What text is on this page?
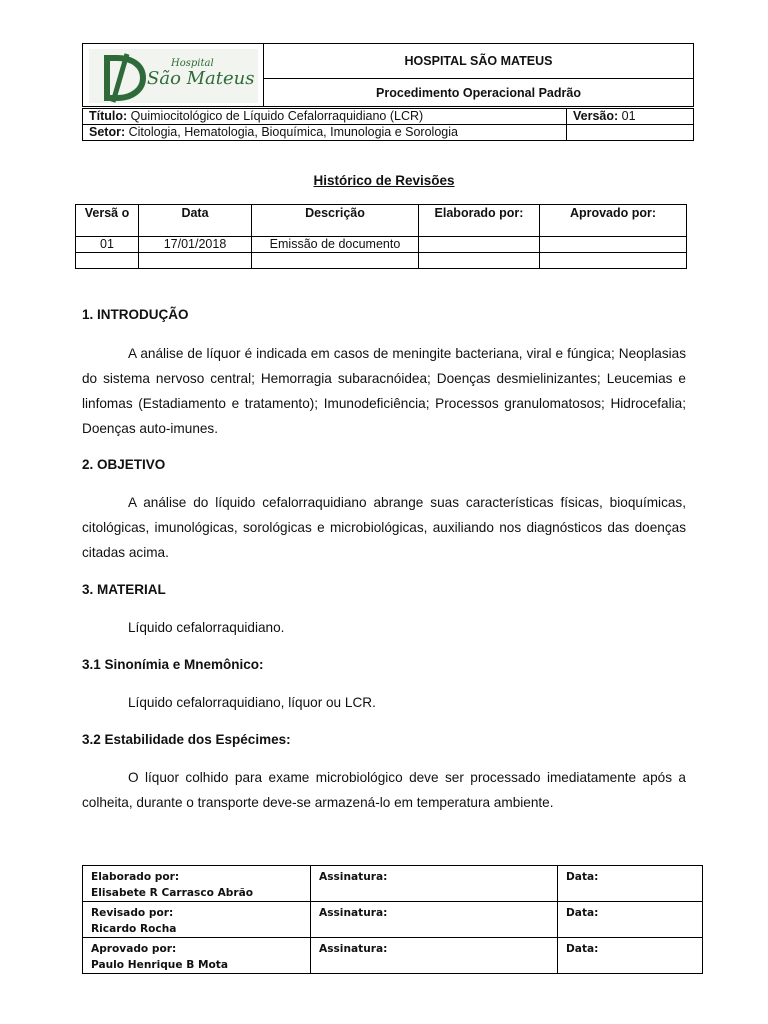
Hospital
São Mateus
	HOSPITAL SÃO MATEUS
Procedimento Operacional Padrão
Título: Quimiocitológico de Líquido Cefalorraquidiano (LCR)	Versão: 01
Setor: Citologia, Hematologia, Bioquímica, Imunologia e Sorologia	
Histórico de Revisões
Versã o	Data	Descrição	Elaborado por:	Aprovado por:
01	17/01/2018	Emissão de documento		

1. INTRODUÇÃO
A análise de líquor é indicada em casos de meningite bacteriana, viral e fúngica; Neoplasias do sistema nervoso central; Hemorragia subaracnóidea; Doenças desmielinizantes; Leucemias e linfomas (Estadiamento e tratamento); Imunodeficiência; Processos granulomatosos; Hidrocefalia; Doenças auto-imunes.
2. OBJETIVO
A análise do líquido cefalorraquidiano abrange suas características físicas, bioquímicas, citológicas, imunológicas, sorológicas e microbiológicas, auxiliando nos diagnósticos das doenças citadas acima.
3. MATERIAL
Líquido cefalorraquidiano.
3.1 Sinonímia e Mnemônico:
Líquido cefalorraquidiano, líquor ou LCR.
3.2 Estabilidade dos Espécimes:
O líquor colhido para exame microbiológico deve ser processado imediatamente após a colheita, durante o transporte deve-se armazená-lo em temperatura ambiente.
Elaborado por:
Elisabete R Carrasco Abrão	Assinatura:	Data:

Revisado por:
Ricardo Rocha	Assinatura:	Data:

Aprovado por:
Paulo Henrique B Mota	Assinatura:	Data:
